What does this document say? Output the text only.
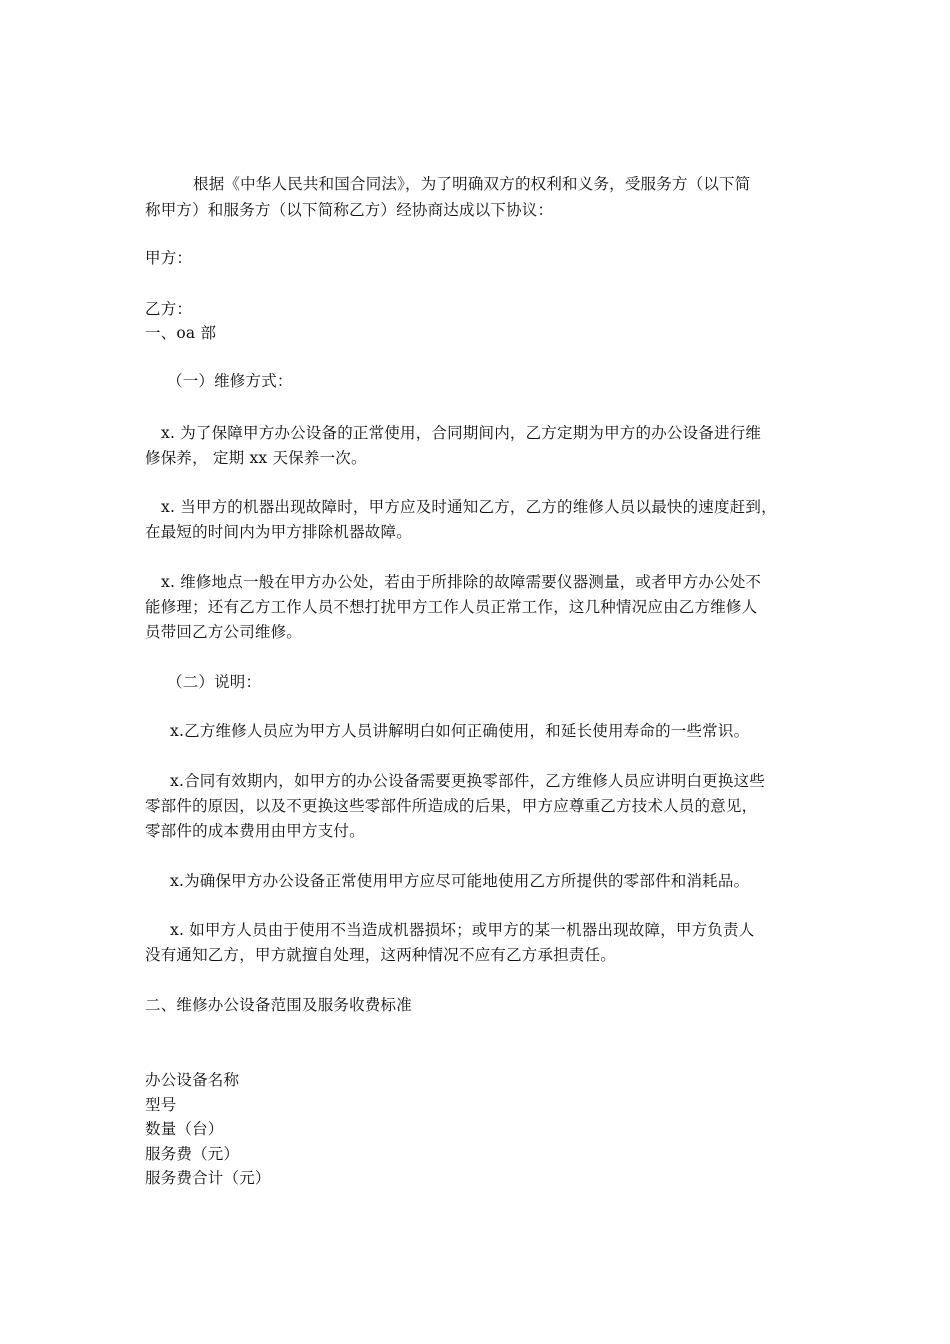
根据《中华人民共和国合同法》，为了明确双方的权利和义务，受服务方（以下简
称甲方）和服务方（以下简称乙方）经协商达成以下协议：
甲方：
乙方：
一、oa 部
（一）维修方式：
x. 为了保障甲方办公设备的正常使用，合同期间内，乙方定期为甲方的办公设备进行维
修保养， 定期 xx 天保养一次。
x. 当甲方的机器出现故障时，甲方应及时通知乙方，乙方的维修人员以最快的速度赶到，
在最短的时间内为甲方排除机器故障。
x. 维修地点一般在甲方办公处，若由于所排除的故障需要仪器测量，或者甲方办公处不
能修理；还有乙方工作人员不想打扰甲方工作人员正常工作，这几种情况应由乙方维修人
员带回乙方公司维修。
（二）说明：
x.乙方维修人员应为甲方人员讲解明白如何正确使用，和延长使用寿命的一些常识。
x.合同有效期内，如甲方的办公设备需要更换零部件，乙方维修人员应讲明白更换这些
零部件的原因，以及不更换这些零部件所造成的后果，甲方应尊重乙方技术人员的意见，
零部件的成本费用由甲方支付。
x.为确保甲方办公设备正常使用甲方应尽可能地使用乙方所提供的零部件和消耗品。
x. 如甲方人员由于使用不当造成机器损坏；或甲方的某一机器出现故障，甲方负责人
没有通知乙方，甲方就擅自处理，这两种情况不应有乙方承担责任。
二、维修办公设备范围及服务收费标准
办公设备名称
型号
数量（台）
服务费（元）
服务费合计（元）
